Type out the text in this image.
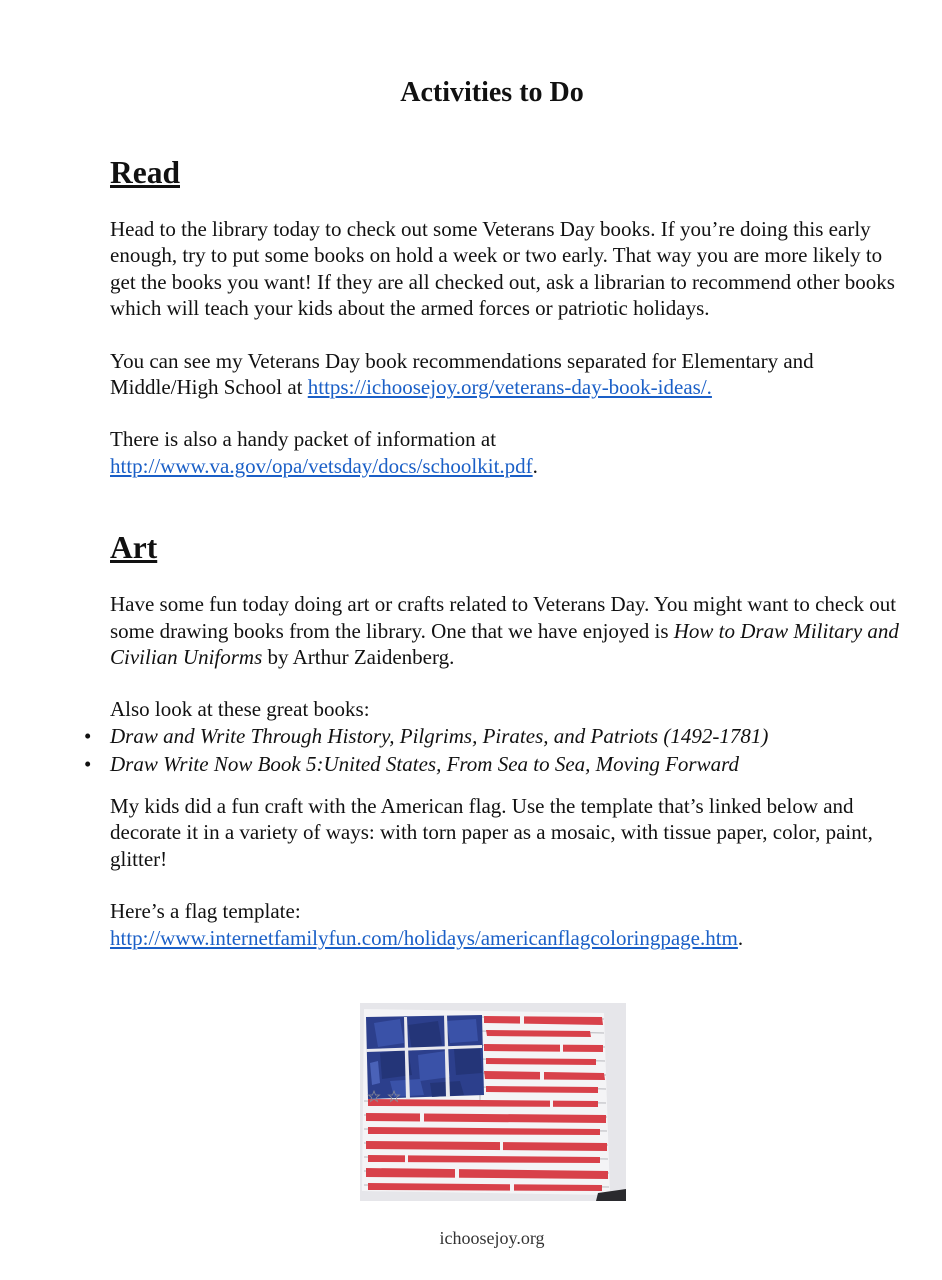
Activities to Do
Read

Head to the library today to check out some Veterans Day books. If you’re doing this early enough, try to put some books on hold a week or two early. That way you are more likely to get the books you want! If they are all checked out, ask a librarian to recommend other books which will teach your kids about the armed forces or patriotic holidays.

You can see my Veterans Day book recommendations separated for Elementary and Middle/High School at https://ichoosejoy.org/veterans-day-book-ideas/.

There is also a handy packet of information at
http://www.va.gov/opa/vetsday/docs/schoolkit.pdf.

Art

Have some fun today doing art or crafts related to Veterans Day. You might want to check out some drawing books from the library. One that we have enjoyed is How to Draw Military and Civilian Uniforms by Arthur Zaidenberg.

Also look at these great books:

• Draw and Write Through History, Pilgrims, Pirates, and Patriots (1492-1781)
• Draw Write Now Book 5:United States, From Sea to Sea, Moving Forward

My kids did a fun craft with the American flag. Use the template that’s linked below and decorate it in a variety of ways: with torn paper as a mosaic, with tissue paper, color, paint, glitter!

Here’s a flag template:
http://www.internetfamilyfun.com/holidays/americanflagcoloringpage.htm.

ichoosejoy.org
